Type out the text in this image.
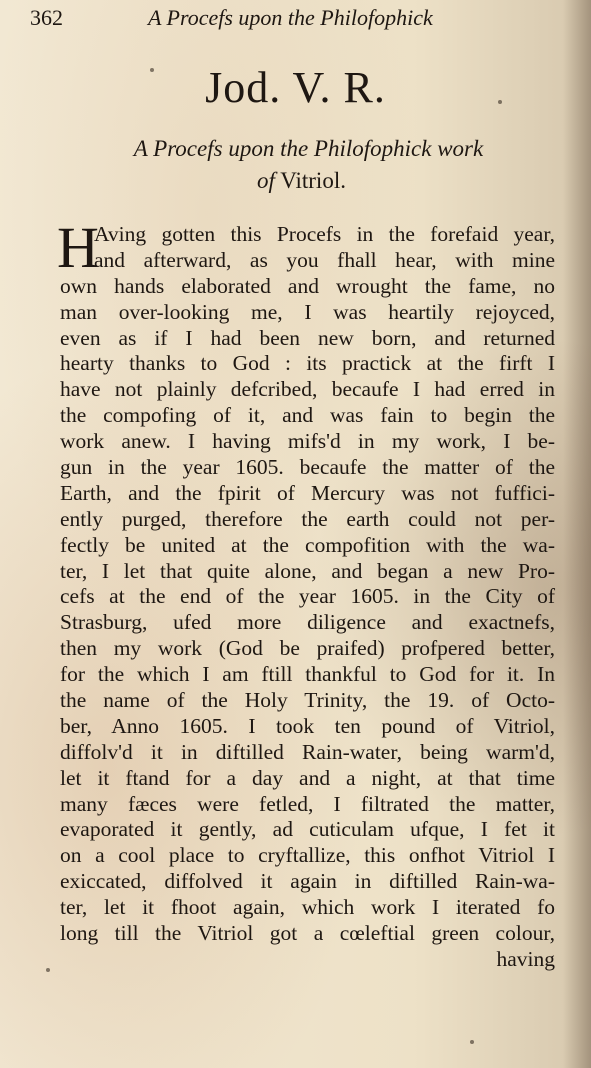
362	A Procefs upon the Philofophick
Jod. V. R.
A Procefs upon the Philofophick work
of Vitriol.
H
Aving gotten this Procefs in the forefaid year,
and afterward, as you fhall hear, with mine
own hands elaborated and wrought the fame, no
man over-looking me, I was heartily rejoyced,
even as if I had been new born, and returned
hearty thanks to God : its practick at the firft I
have not plainly defcribed, becaufe I had erred in
the compofing of it, and was fain to begin the
work anew. I having mifs'd in my work, I be-
gun in the year 1605. becaufe the matter of the
Earth, and the fpirit of Mercury was not fuffici-
ently purged, therefore the earth could not per-
fectly be united at the compofition with the wa-
ter, I let that quite alone, and began a new Pro-
cefs at the end of the year 1605. in the City of
Strasburg, ufed more diligence and exactnefs,
then my work (God be praifed) profpered better,
for the which I am ftill thankful to God for it. In
the name of the Holy Trinity, the 19. of Octo-
ber, Anno 1605. I took ten pound of Vitriol,
diffolv'd it in diftilled Rain-water, being warm'd,
let it ftand for a day and a night, at that time
many fæces were fetled, I filtrated the matter,
evaporated it gently, ad cuticulam ufque, I fet it
on a cool place to cryftallize, this onfhot Vitriol I
exiccated, diffolved it again in diftilled Rain-wa-
ter, let it fhoot again, which work I iterated fo
long till the Vitriol got a cœleftial green colour,
having
